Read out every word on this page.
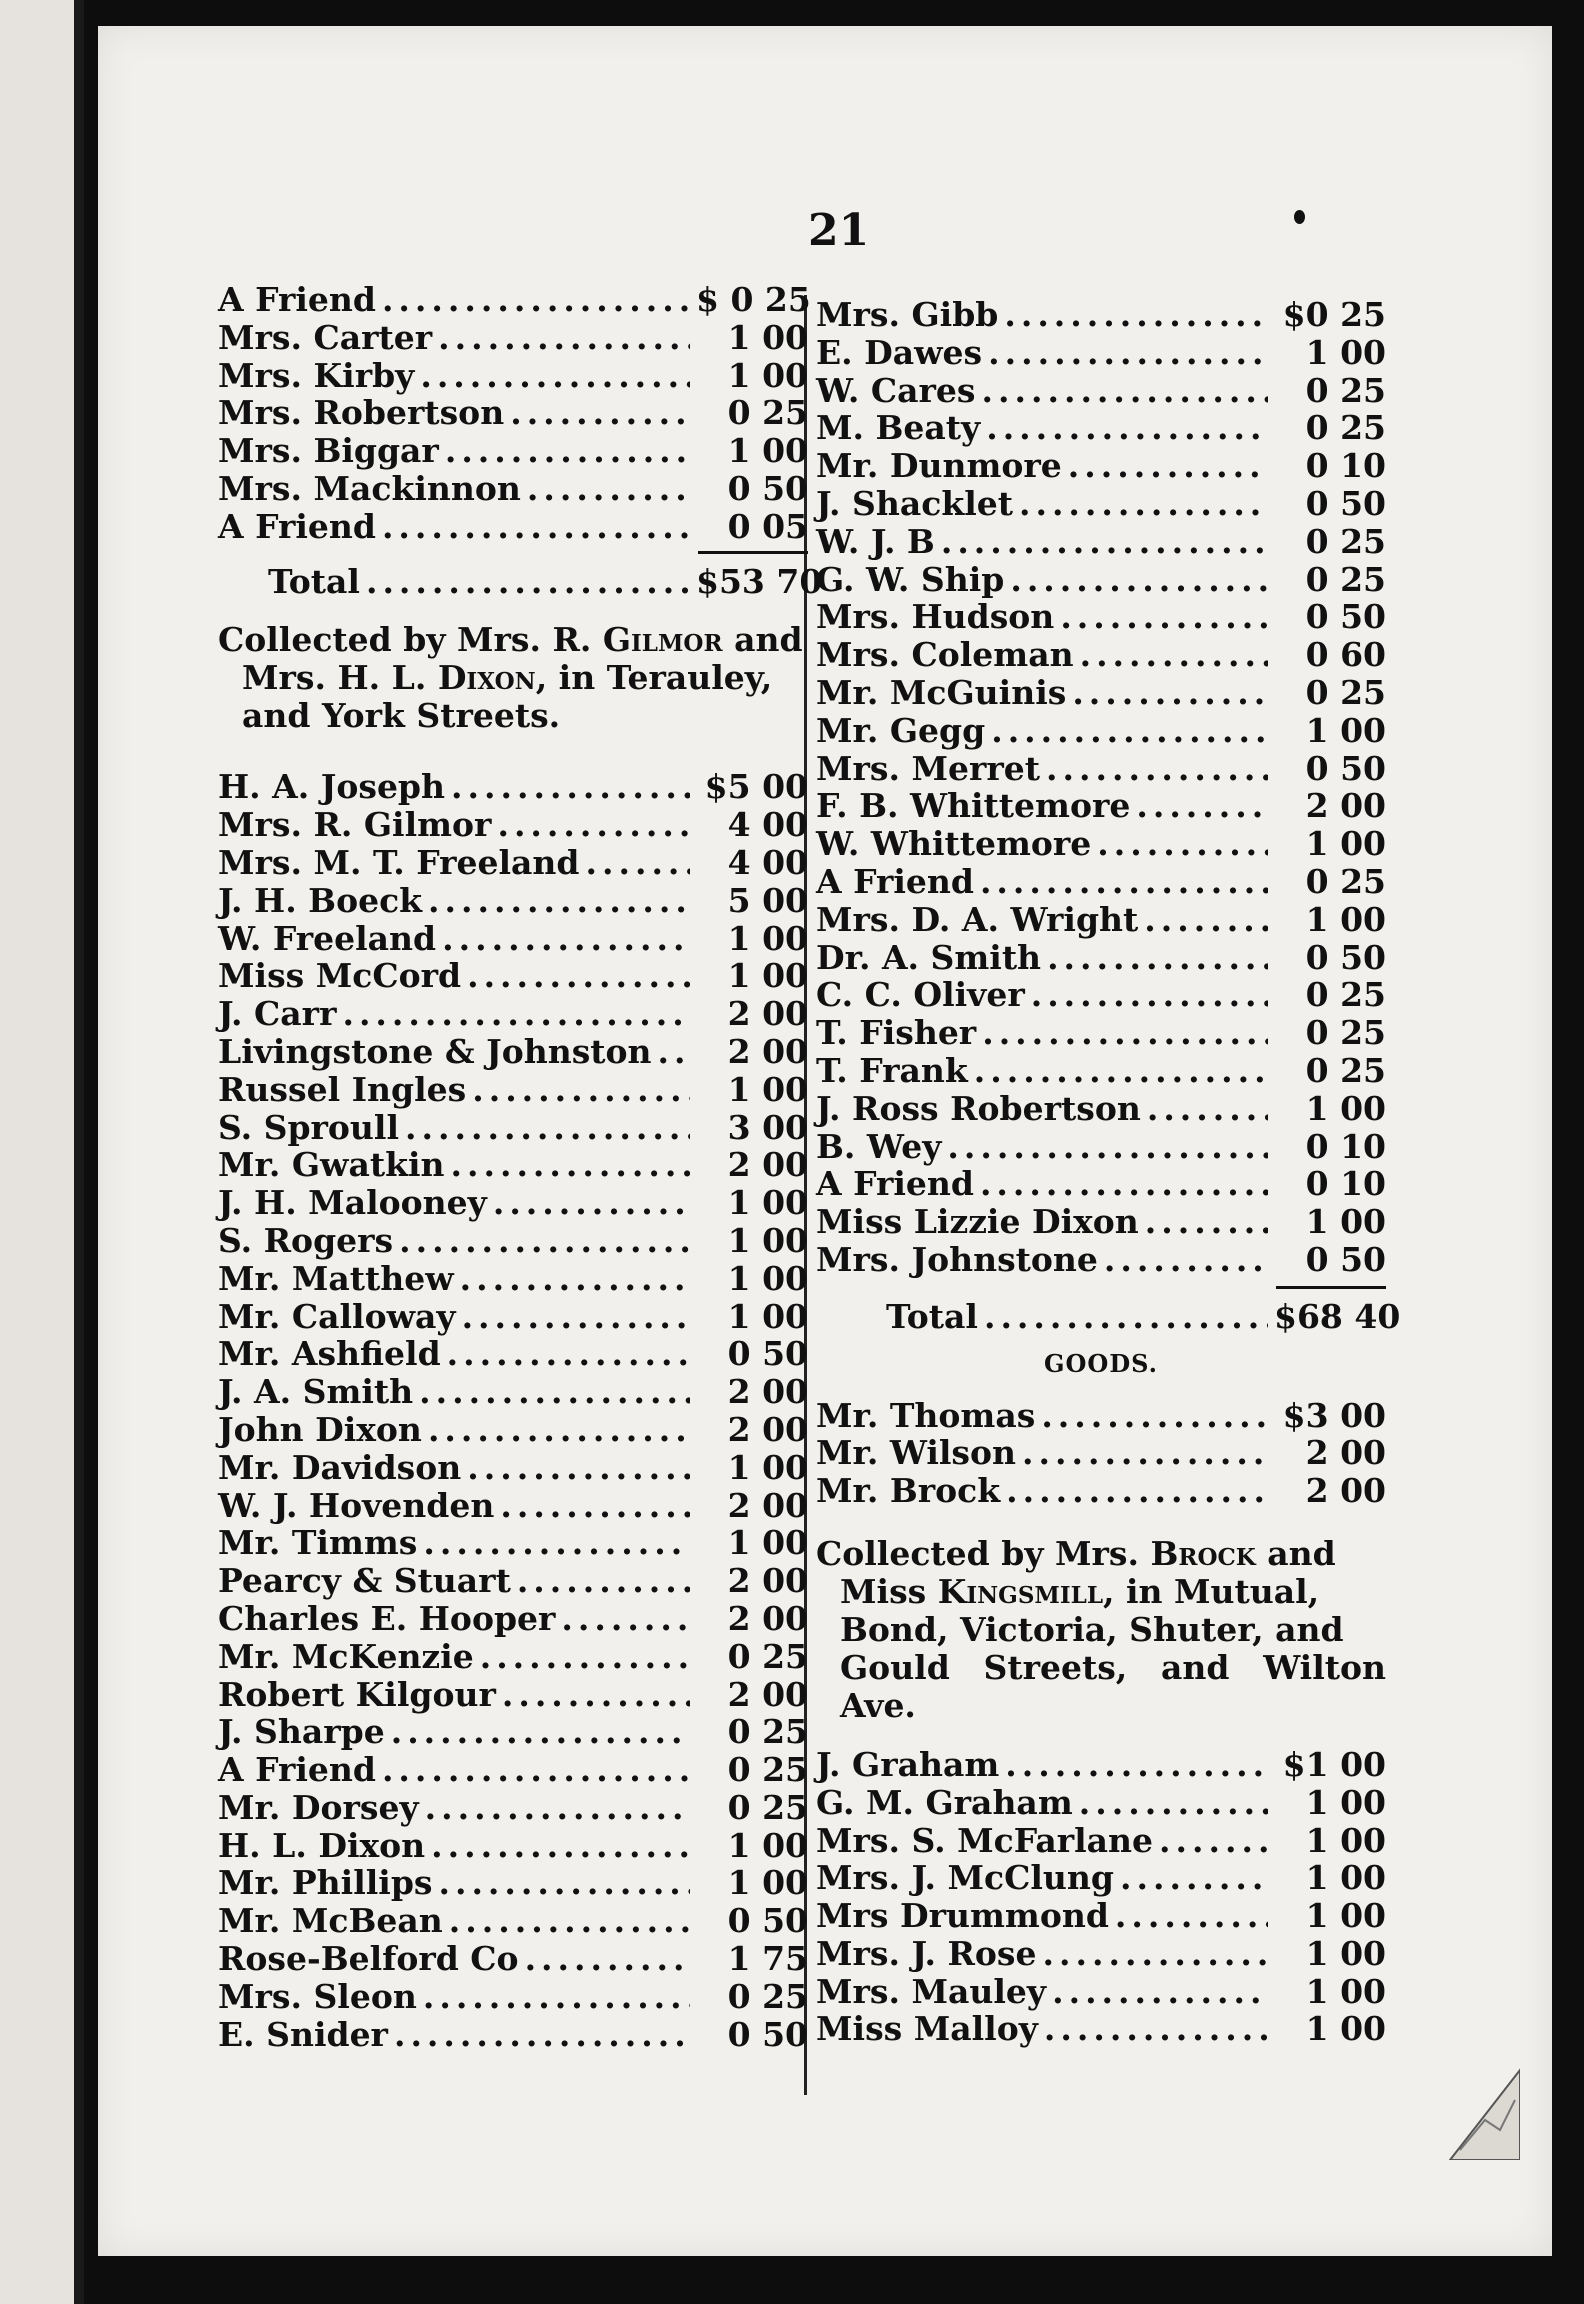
21
A Friend .....	$ 0 25
Mrs. Carter .....	1 00
Mrs. Kirby .....	1 00
Mrs. Robertson .....	0 25
Mrs. Biggar .....	1 00
Mrs. Mackinnon .....	0 50
A Friend .....	0 05
Total .....	$53 70
Collected by Mrs. R. Gilmor and
Mrs. H. L. Dixon, in Terauley,
and York Streets.
H. A. Joseph .....	$5 00
Mrs. R. Gilmor .....	4 00
Mrs. M. T. Freeland .....	4 00
J. H. Boeck .....	5 00
W. Freeland .....	1 00
Miss McCord .....	1 00
J. Carr .....	2 00
Livingstone & Johnston .....	2 00
Russel Ingles .....	1 00
S. Sproull .....	3 00
Mr. Gwatkin .....	2 00
J. H. Malooney .....	1 00
S. Rogers .....	1 00
Mr. Matthew .....	1 00
Mr. Calloway .....	1 00
Mr. Ashfield .....	0 50
J. A. Smith .....	2 00
John Dixon .....	2 00
Mr. Davidson .....	1 00
W. J. Hovenden .....	2 00
Mr. Timms .....	1 00
Pearcy & Stuart .....	2 00
Charles E. Hooper .....	2 00
Mr. McKenzie .....	0 25
Robert Kilgour .....	2 00
J. Sharpe .....	0 25
A Friend .....	0 25
Mr. Dorsey .....	0 25
H. L. Dixon .....	1 00
Mr. Phillips .....	1 00
Mr. McBean .....	0 50
Rose-Belford Co .....	1 75
Mrs. Sleon .....	0 25
E. Snider .....	0 50
Mrs. Gibb .....	$0 25
E. Dawes .....	1 00
W. Cares .....	0 25
M. Beaty .....	0 25
Mr. Dunmore .....	0 10
J. Shacklet .....	0 50
W. J. B .....	0 25
G. W. Ship .....	0 25
Mrs. Hudson .....	0 50
Mrs. Coleman .....	0 60
Mr. McGuinis .....	0 25
Mr. Gegg .....	1 00
Mrs. Merret .....	0 50
F. B. Whittemore .....	2 00
W. Whittemore .....	1 00
A Friend .....	0 25
Mrs. D. A. Wright .....	1 00
Dr. A. Smith .....	0 50
C. C. Oliver .....	0 25
T. Fisher .....	0 25
T. Frank .....	0 25
J. Ross Robertson .....	1 00
B. Wey .....	0 10
A Friend .....	0 10
Miss Lizzie Dixon .....	1 00
Mrs. Johnstone .....	0 50
Total .....	$68 40
GOODS.
Mr. Thomas .....	$3 00
Mr. Wilson .....	2 00
Mr. Brock .....	2 00
Collected by Mrs. Brock and
Miss Kingsmill, in Mutual,
Bond, Victoria, Shuter, and
Gould Streets, and Wilton Ave.
J. Graham .....	$1 00
G. M. Graham .....	1 00
Mrs. S. McFarlane .....	1 00
Mrs. J. McClung .....	1 00
Mrs Drummond .....	1 00
Mrs. J. Rose .....	1 00
Mrs. Mauley .....	1 00
Miss Malloy .....	1 00
